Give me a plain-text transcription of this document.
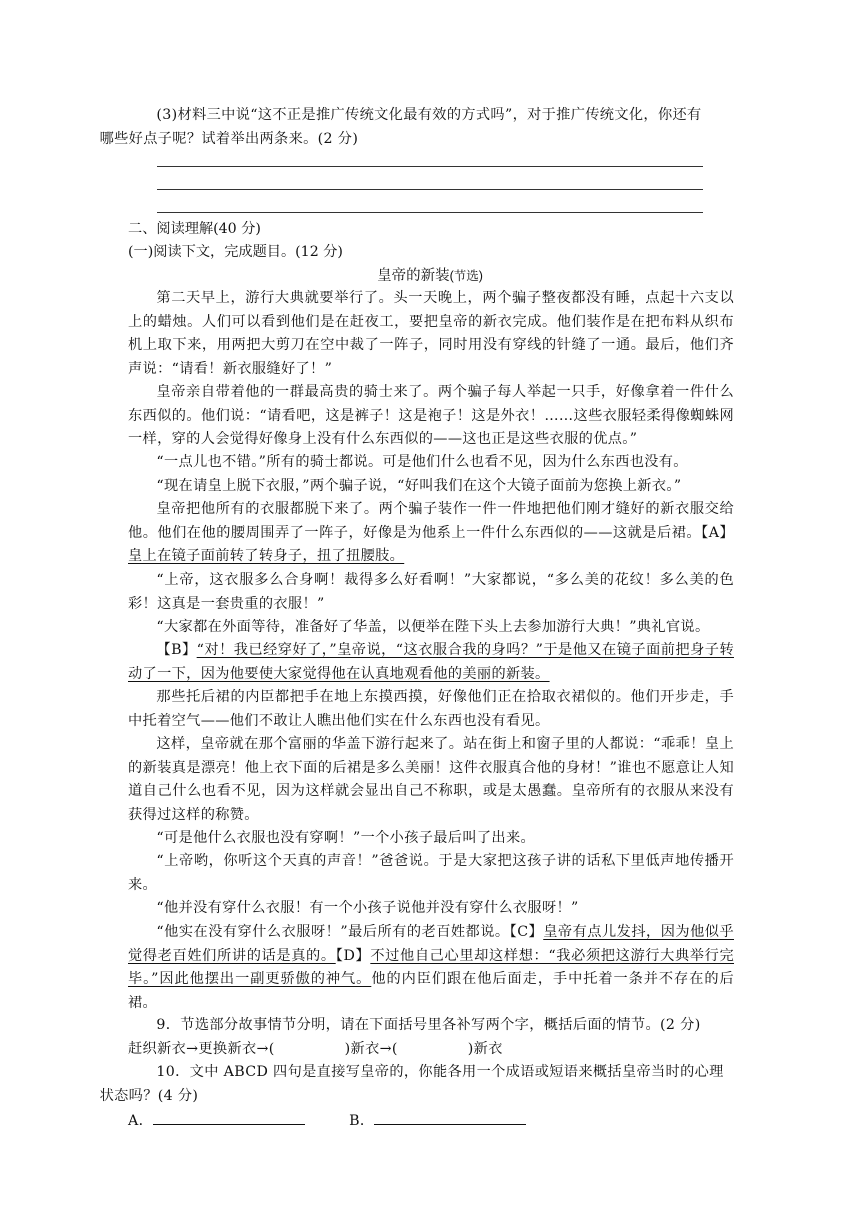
(3)材料三中说“这不正是推广传统文化最有效的方式吗”，对于推广传统文化，你还有
哪些好点子呢？试着举出两条来。(2 分)

二、阅读理解(40 分)
(一)阅读下文，完成题目。(12 分)
皇帝的新装(节选)

第二天早上，游行大典就要举行了。头一天晚上，两个骗子整夜都没有睡，点起十六支以上的蜡烛。人们可以看到他们是在赶夜工，要把皇帝的新衣完成。他们装作是在把布料从织布机上取下来，用两把大剪刀在空中裁了一阵子，同时用没有穿线的针缝了一通。最后，他们齐声说：“请看！新衣服缝好了！”

皇帝亲自带着他的一群最高贵的骑士来了。两个骗子每人举起一只手，好像拿着一件什么东西似的。他们说：“请看吧，这是裤子！这是袍子！这是外衣！……这些衣服轻柔得像蜘蛛网一样，穿的人会觉得好像身上没有什么东西似的——这也正是这些衣服的优点。”

“一点儿也不错。”所有的骑士都说。可是他们什么也看不见，因为什么东西也没有。

“现在请皇上脱下衣服，”两个骗子说，“好叫我们在这个大镜子面前为您换上新衣。”

皇帝把他所有的衣服都脱下来了。两个骗子装作一件一件地把他们刚才缝好的新衣服交给他。他们在他的腰周围弄了一阵子，好像是为他系上一件什么东西似的——这就是后裙。【A】皇上在镜子面前转了转身子，扭了扭腰肢。

“上帝，这衣服多么合身啊！裁得多么好看啊！”大家都说，“多么美的花纹！多么美的色彩！这真是一套贵重的衣服！”

“大家都在外面等待，准备好了华盖，以便举在陛下头上去参加游行大典！”典礼官说。

【B】“对！我已经穿好了，”皇帝说，“这衣服合我的身吗？”于是他又在镜子面前把身子转动了一下，因为他要使大家觉得他在认真地观看他的美丽的新装。

那些托后裙的内臣都把手在地上东摸西摸，好像他们正在拾取衣裙似的。他们开步走，手中托着空气——他们不敢让人瞧出他们实在什么东西也没有看见。

这样，皇帝就在那个富丽的华盖下游行起来了。站在街上和窗子里的人都说：“乖乖！皇上的新装真是漂亮！他上衣下面的后裙是多么美丽！这件衣服真合他的身材！”谁也不愿意让人知道自己什么也看不见，因为这样就会显出自己不称职，或是太愚蠢。皇帝所有的衣服从来没有获得过这样的称赞。

“可是他什么衣服也没有穿啊！”一个小孩子最后叫了出来。

“上帝哟，你听这个天真的声音！”爸爸说。于是大家把这孩子讲的话私下里低声地传播开来。

“他并没有穿什么衣服！有一个小孩子说他并没有穿什么衣服呀！”

“他实在没有穿什么衣服呀！”最后所有的老百姓都说。【C】皇帝有点儿发抖，因为他似乎觉得老百姓们所讲的话是真的。【D】不过他自己心里却这样想：“我必须把这游行大典举行完毕。”因此他摆出一副更骄傲的神气。他的内臣们跟在他后面走，手中托着一条并不存在的后裙。

9．节选部分故事情节分明，请在下面括号里各补写两个字，概括后面的情节。(2 分)
赶织新衣→更换新衣→(	)新衣→(	)新衣

10．文中 ABCD 四句是直接写皇帝的，你能各用一个成语或短语来概括皇帝当时的心理
状态吗？(4 分)
A．	B．
